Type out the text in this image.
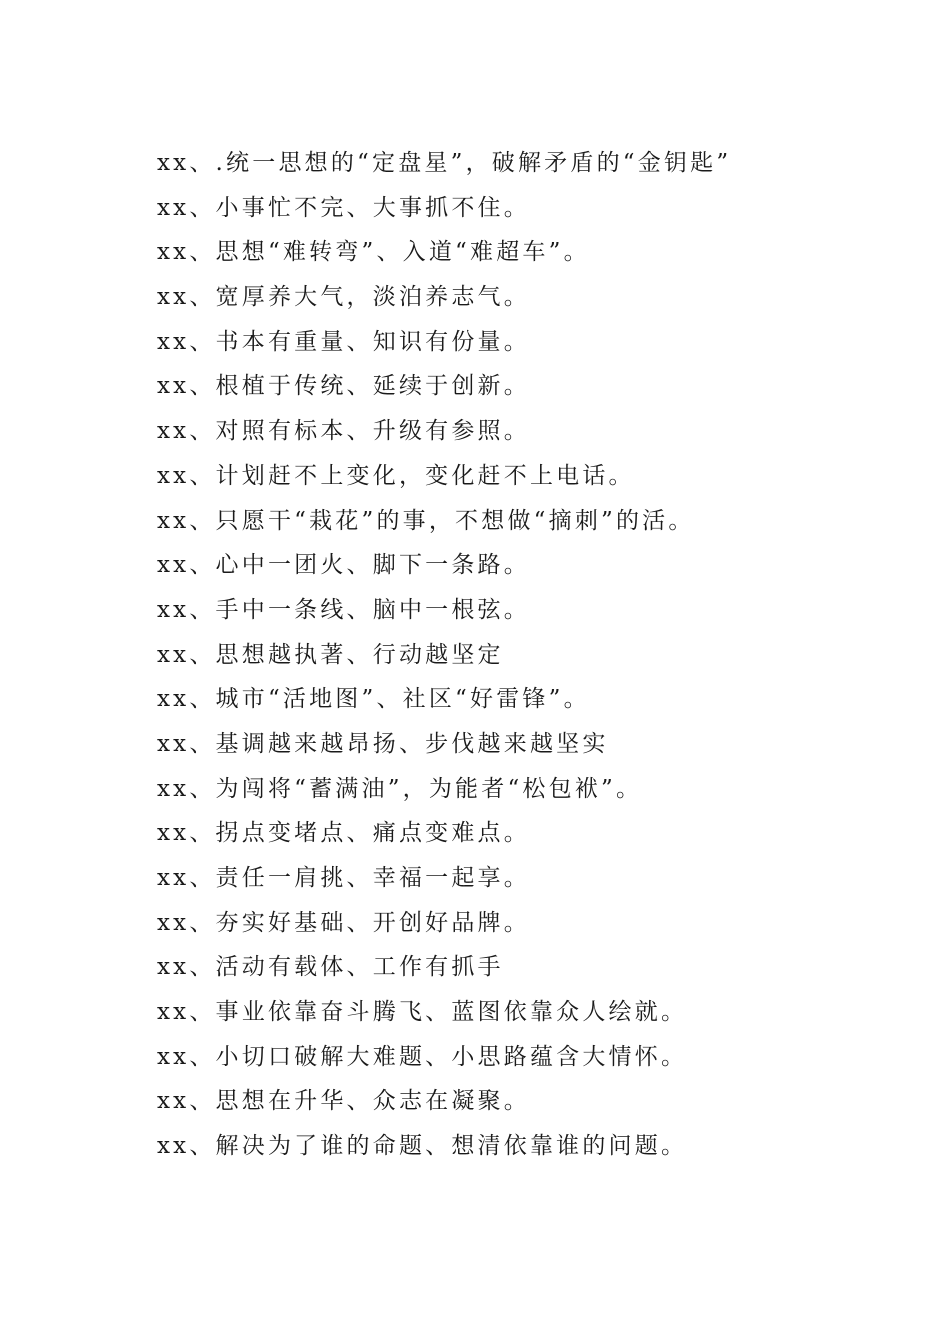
xx、.统一思想的“定盘星”，破解矛盾的“金钥匙”
xx、小事忙不完、大事抓不住。
xx、思想“难转弯”、入道“难超车”。
xx、宽厚养大气，淡泊养志气。
xx、书本有重量、知识有份量。
xx、根植于传统、延续于创新。
xx、对照有标本、升级有参照。
xx、计划赶不上变化，变化赶不上电话。
xx、只愿干“栽花”的事，不想做“摘刺”的活。
xx、心中一团火、脚下一条路。
xx、手中一条线、脑中一根弦。
xx、思想越执著、行动越坚定
xx、城市“活地图”、社区“好雷锋”。
xx、基调越来越昂扬、步伐越来越坚实
xx、为闯将“蓄满油”，为能者“松包袱”。
xx、拐点变堵点、痛点变难点。
xx、责任一肩挑、幸福一起享。
xx、夯实好基础、开创好品牌。
xx、活动有载体、工作有抓手
xx、事业依靠奋斗腾飞、蓝图依靠众人绘就。
xx、小切口破解大难题、小思路蕴含大情怀。
xx、思想在升华、众志在凝聚。
xx、解决为了谁的命题、想清依靠谁的问题。
